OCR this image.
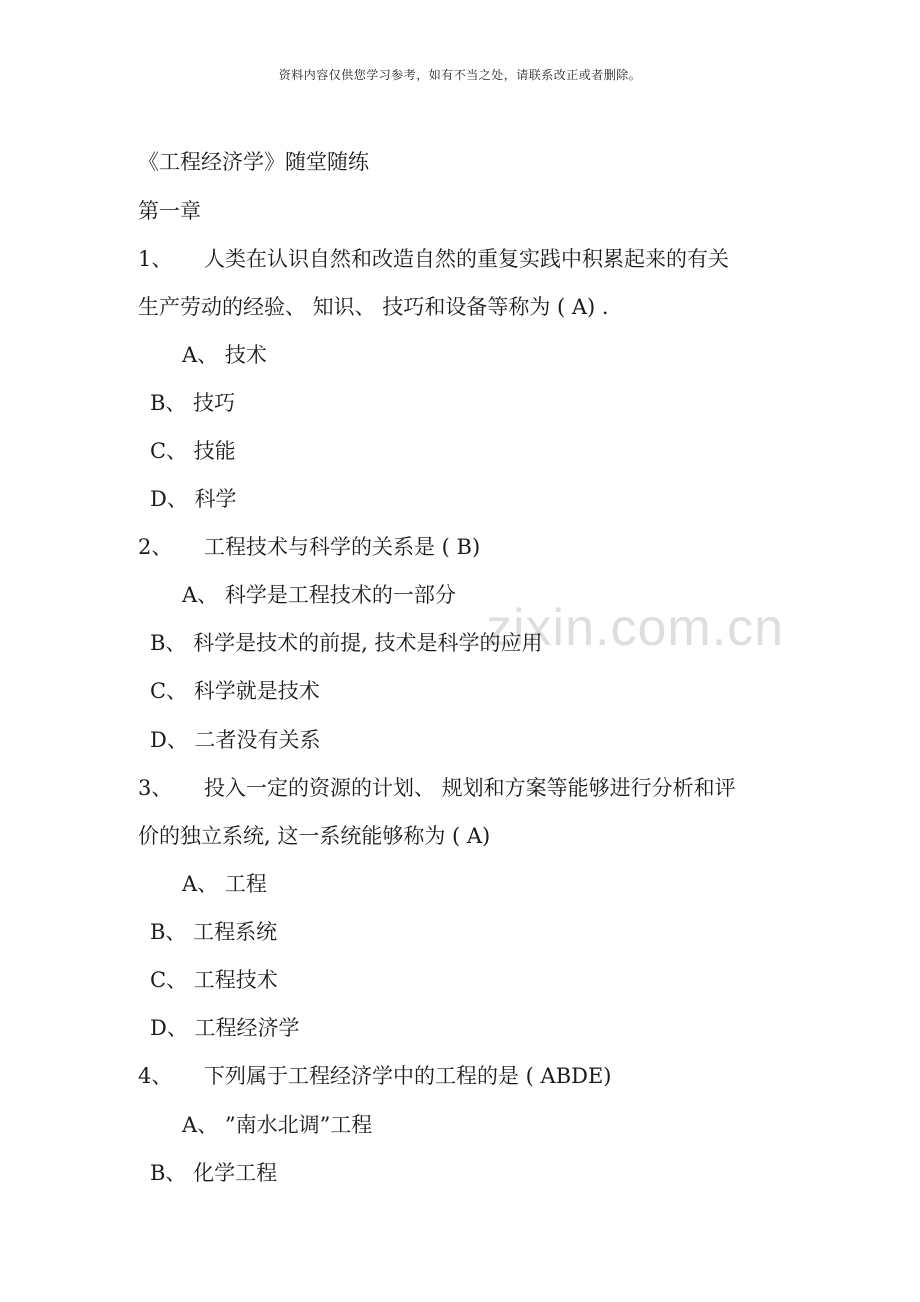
资料内容仅供您学习参考，如有不当之处，请联系改正或者删除。
zixin.com.cn
《工程经济学》随堂随练
第一章
1、 人类在认识自然和改造自然的重复实践中积累起来的有关
生产劳动的经验、 知识、 技巧和设备等称为 ( A) .
A、 技术
B、 技巧
C、 技能
D、 科学
2、 工程技术与科学的关系是 ( B)
A、 科学是工程技术的一部分
B、 科学是技术的前提, 技术是科学的应用
C、 科学就是技术
D、 二者没有关系
3、 投入一定的资源的计划、 规划和方案等能够进行分析和评
价的独立系统, 这一系统能够称为 ( A)
A、 工程
B、 工程系统
C、 工程技术
D、 工程经济学
4、 下列属于工程经济学中的工程的是 ( ABDE)
A、 ”南水北调”工程
B、 化学工程
